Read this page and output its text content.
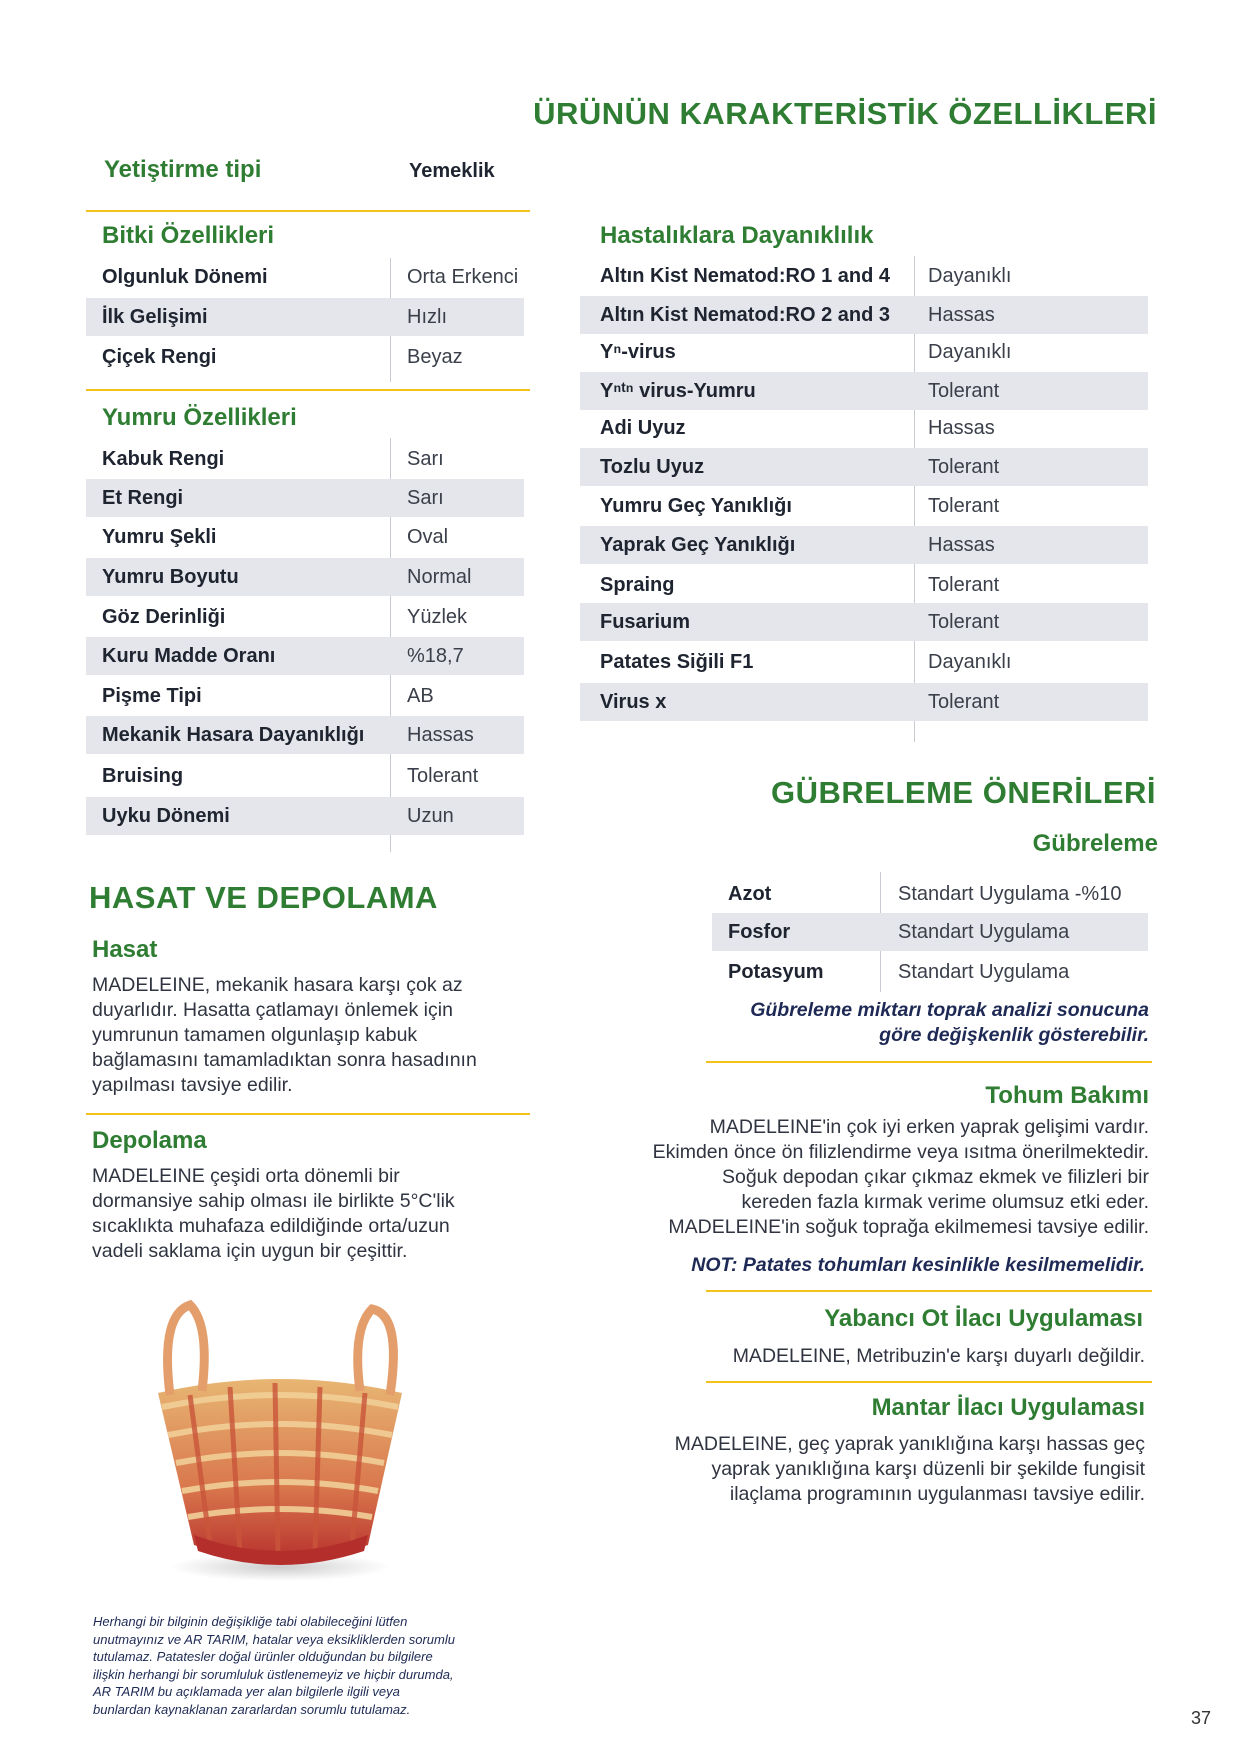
ÜRÜNÜN KARAKTERİSTİK ÖZELLİKLERİ
Yetiştirme tipi	Yemeklik
Bitki Özellikleri
Olgunluk Dönemi	Orta Erkenci
İlk Gelişimi	Hızlı
Çiçek Rengi	Beyaz
Yumru Özellikleri
Kabuk Rengi	Sarı
Et Rengi	Sarı
Yumru Şekli	Oval
Yumru Boyutu	Normal
Göz Derinliği	Yüzlek
Kuru Madde Oranı	%18,7
Pişme Tipi	AB
Mekanik Hasara Dayanıklığı	Hassas
Bruising	Tolerant
Uyku Dönemi	Uzun
Hastalıklara Dayanıklılık
Altın Kist Nematod:RO 1 and 4	Dayanıklı
Altın Kist Nematod:RO 2 and 3	Hassas
Yⁿ-virus	Dayanıklı
Yⁿᵗⁿ virus-Yumru	Tolerant
Adi Uyuz	Hassas
Tozlu Uyuz	Tolerant
Yumru Geç Yanıklığı	Tolerant
Yaprak Geç Yanıklığı	Hassas
Spraing	Tolerant
Fusarium	Tolerant
Patates Siğili F1	Dayanıklı
Virus x	Tolerant
HASAT VE DEPOLAMA
Hasat
MADELEINE, mekanik hasara karşı çok az
duyarlıdır. Hasatta çatlamayı önlemek için
yumrunun tamamen olgunlaşıp kabuk
bağlamasını tamamladıktan sonra hasadının
yapılması tavsiye edilir.
Depolama
MADELEINE çeşidi orta dönemli bir
dormansiye sahip olması ile birlikte 5°C'lik
sıcaklıkta muhafaza edildiğinde orta/uzun
vadeli saklama için uygun bir çeşittir.
GÜBRELEME ÖNERİLERİ
Gübreleme
Azot	Standart Uygulama -%10
Fosfor	Standart Uygulama
Potasyum	Standart Uygulama
Gübreleme miktarı toprak analizi sonucuna
göre değişkenlik gösterebilir.
Tohum Bakımı
MADELEINE'in çok iyi erken yaprak gelişimi vardır.
Ekimden önce ön filizlendirme veya ısıtma önerilmektedir.
Soğuk depodan çıkar çıkmaz ekmek ve filizleri bir
kereden fazla kırmak verime olumsuz etki eder.
MADELEINE'in soğuk toprağa ekilmemesi tavsiye edilir.
NOT: Patates tohumları kesinlikle kesilmemelidir.
Yabancı Ot İlacı Uygulaması
MADELEINE, Metribuzin'e karşı duyarlı değildir.
Mantar İlacı Uygulaması
MADELEINE, geç yaprak yanıklığına karşı hassas geç
yaprak yanıklığına karşı düzenli bir şekilde fungisit
ilaçlama programının uygulanması tavsiye edilir.
Herhangi bir bilginin değişikliğe tabi olabileceğini lütfen
unutmayınız ve AR TARIM, hatalar veya eksikliklerden sorumlu
tutulamaz. Patatesler doğal ürünler olduğundan bu bilgilere
ilişkin herhangi bir sorumluluk üstlenemeyiz ve hiçbir durumda,
AR TARIM bu açıklamada yer alan bilgilerle ilgili veya
bunlardan kaynaklanan zararlardan sorumlu tutulamaz.	37
